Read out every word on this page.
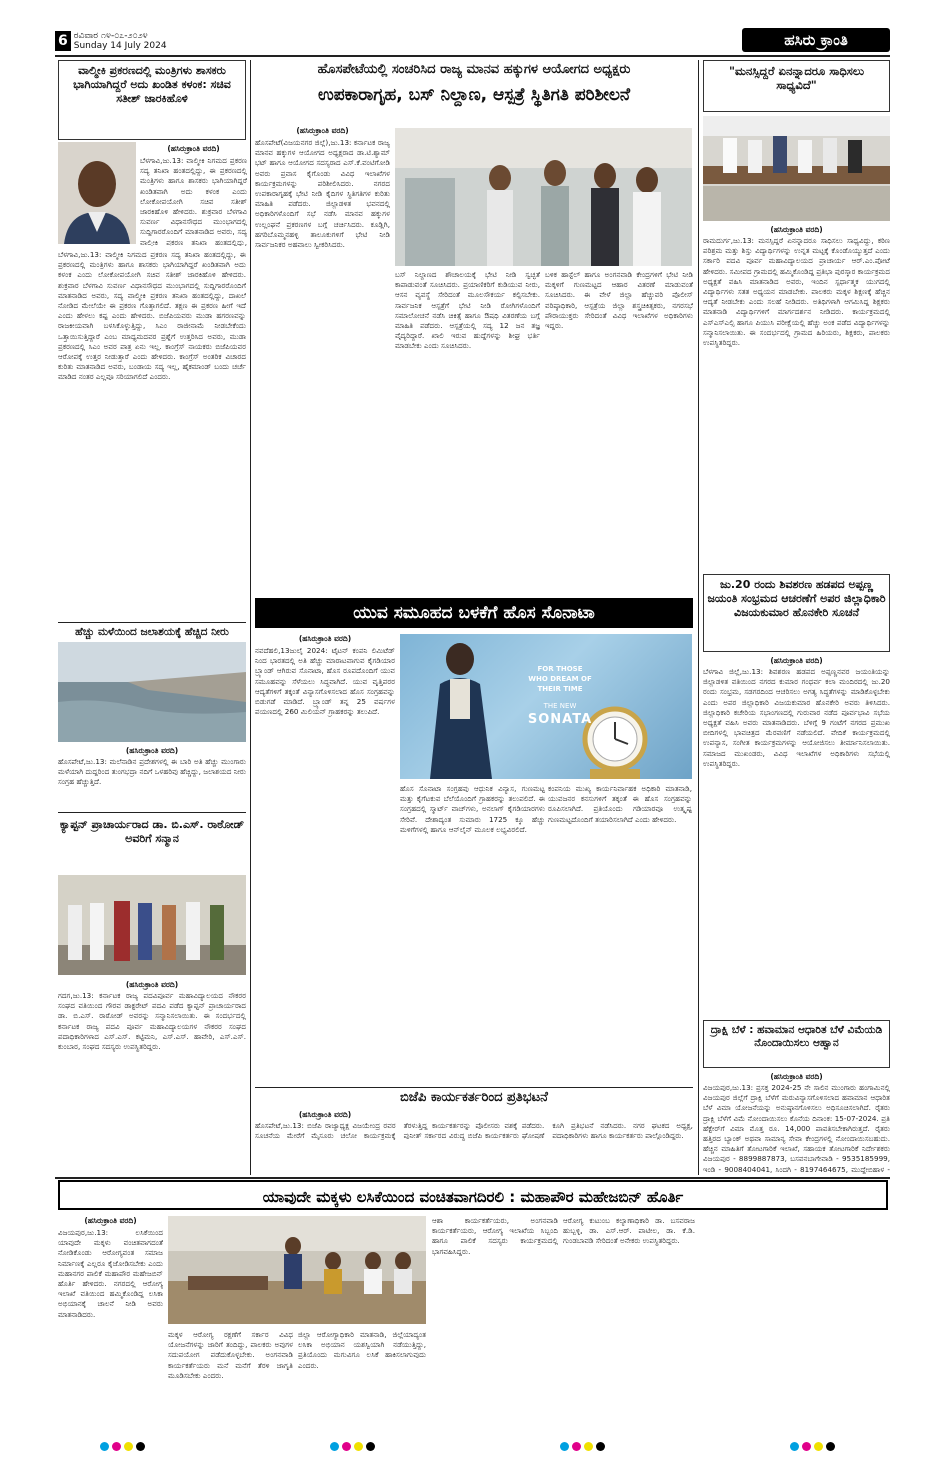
6 ರವಿವಾರ ೧೪-೦೭-೨೦೨೪
Sunday 14 July 2024	ಹಸಿರು ಕ್ರಾಂತಿ
ವಾಲ್ಮೀಕಿ ಪ್ರಕರಣದಲ್ಲಿ ಮಂತ್ರಿಗಳು ಶಾಸಕರು ಭಾಗಿಯಾಗಿದ್ದರೆ ಅದು ಖಂಡಿತ ಕಳಂಕ: ಸಚಿವ ಸತೀಶ್ ಜಾರಕಿಹೊಳಿ
(ಹಸಿರುಕ್ರಾಂತಿ ವರದಿ)
ಬೆಳಗಾವಿ,ಜು.13: ವಾಲ್ಮೀಕಿ ನಿಗಮದ ಪ್ರಕರಣ ಸದ್ಯ ತನಿಖಾ ಹಂತದಲ್ಲಿದ್ದು, ಈ ಪ್ರಕರಣದಲ್ಲಿ ಮಂತ್ರಿಗಳು ಹಾಗೂ ಶಾಸಕರು ಭಾಗಿಯಾಗಿದ್ದರೆ ಖಂಡಿತವಾಗಿ ಅದು ಕಳಂಕ ಎಂದು ಲೋಕೋಪಯೋಗಿ ಸಚಿವ ಸತೀಶ್ ಜಾರಕಿಹೊಳಿ ಹೇಳಿದರು. ಶುಕ್ರವಾರ ಬೆಳಗಾವಿ ಸುವರ್ಣ ವಿಧಾನಸೌಧದ ಮುಂಭಾಗದಲ್ಲಿ ಸುದ್ದಿಗಾರರೊಂದಿಗೆ ಮಾತನಾಡಿದ ಅವರು, ಸದ್ಯ ವಾಲ್ಮೀಕಿ ಪ್ರಕರಣ ತನಿಖಾ ಹಂತದಲ್ಲಿದ್ದು,
ಬೆಳಗಾವಿ,ಜು.13: ವಾಲ್ಮೀಕಿ ನಿಗಮದ ಪ್ರಕರಣ ಸದ್ಯ ತನಿಖಾ ಹಂತದಲ್ಲಿದ್ದು, ಈ ಪ್ರಕರಣದಲ್ಲಿ ಮಂತ್ರಿಗಳು ಹಾಗೂ ಶಾಸಕರು ಭಾಗಿಯಾಗಿದ್ದರೆ ಖಂಡಿತವಾಗಿ ಅದು ಕಳಂಕ ಎಂದು ಲೋಕೋಪಯೋಗಿ ಸಚಿವ ಸತೀಶ್ ಜಾರಕಿಹೊಳಿ ಹೇಳಿದರು. ಶುಕ್ರವಾರ ಬೆಳಗಾವಿ ಸುವರ್ಣ ವಿಧಾನಸೌಧದ ಮುಂಭಾಗದಲ್ಲಿ ಸುದ್ದಿಗಾರರೊಂದಿಗೆ ಮಾತನಾಡಿದ ಅವರು, ಸದ್ಯ ವಾಲ್ಮೀಕಿ ಪ್ರಕರಣ ತನಿಖಾ ಹಂತದಲ್ಲಿದ್ದು, ದಾಖಲೆ ನೋಡಿದ ಮೇಲೆಯೇ ಈ ಪ್ರಕರಣ ಗೊತ್ತಾಗಲಿದೆ. ತಕ್ಷಣ ಈ ಪ್ರಕರಣ ಹೀಗೆ ಇದೆ ಎಂದು ಹೇಳಲು ಕಷ್ಟ ಎಂದು ಹೇಳಿದರು. ಬಿಜೆಪಿಯವರು ಮುಡಾ ಹಗರಣವನ್ನು ರಾಜಕೀಯವಾಗಿ ಬಳಸಿಕೊಳ್ಳುತ್ತಿದ್ದು, ಸಿಎಂ ರಾಜೀನಾಮೆ ನೀಡಬೇಕೆಂದು ಒತ್ತಾಯಿಸುತ್ತಿದ್ದಾರೆ ಎಂಬ ಮಾಧ್ಯಮದವರ ಪ್ರಶ್ನೆಗೆ ಉತ್ತರಿಸಿದ ಅವರು, ಮುಡಾ ಪ್ರಕರಣದಲ್ಲಿ ಸಿಎಂ ಅವರ ಪಾತ್ರ ಏನು ಇಲ್ಲ. ಕಾಂಗ್ರೆಸ್ ನಾಯಕರು ಬಿಜೆಪಿಯವರ ಆರೋಪಕ್ಕೆ ಉತ್ತರ ನೀಡುತ್ತಾರೆ ಎಂದು ಹೇಳಿದರು. ಕಾಂಗ್ರೆಸ್ ಅಂತರಿಕ ವಿಚಾರದ ಕುರಿತು ಮಾತನಾಡಿದ ಅವರು, ಬಂಡಾಯ ಸದ್ಯ ಇಲ್ಲ, ಹೈಕಮಾಂಡ್ ಬಂದು ಚರ್ಚೆ ಮಾಡಿದ ನಂತರ ಎಲ್ಲವೂ ಸರಿಯಾಗಲಿದೆ ಎಂದರು.
ಹೆಚ್ಚು ಮಳೆಯಿಂದ ಜಲಾಶಯಕ್ಕೆ ಹೆಚ್ಚಿದ ನೀರು
(ಹಸಿರುಕ್ರಾಂತಿ ವರದಿ)
ಹೊಸಪೇಟೆ,ಜು.13: ಮಲೆನಾಡಿನ ಪ್ರದೇಶಗಳಲ್ಲಿ ಈ ಬಾರಿ ಅತಿ ಹೆಚ್ಚು ಮುಂಗಾರು ಮಳೆಯಾಗಿ ದುದ್ದರಿಂದ ತುಂಗಭದ್ರಾ ನದಿಗೆ ಒಳಹರಿವು ಹೆಚ್ಚಿದ್ದು, ಜಲಾಶಯದ ನೀರು ಸಂಗ್ರಹ ಹೆಚ್ಚುತ್ತಿದೆ.
ಕ್ಯಾಪ್ಟನ್ ಪ್ರಾಚಾರ್ಯರಾದ ಡಾ. ಬಿ.ಎಸ್. ರಾಠೋಡ್ ಅವರಿಗೆ ಸನ್ಮಾನ
(ಹಸಿರುಕ್ರಾಂತಿ ವರದಿ)
ಗದಗ,ಜು.13: ಕರ್ನಾಟಕ ರಾಜ್ಯ ಪದವಿಪೂರ್ವ ಮಹಾವಿದ್ಯಾಲಯದ ನೌಕರರ ಸಂಘದ ವತಿಯಿಂದ ಗೌರವ ಡಾಕ್ಟರೇಟ್ ಪದವಿ ಪಡೆದ ಕ್ಯಾಪ್ಟನ್ ಪ್ರಾಚಾರ್ಯರಾದ ಡಾ. ಬಿ.ಎಸ್. ರಾಠೋಡ್ ಅವರನ್ನು ಸನ್ಮಾನಿಸಲಾಯಿತು. ಈ ಸಂದರ್ಭದಲ್ಲಿ ಕರ್ನಾಟಕ ರಾಜ್ಯ ಪದವಿ ಪೂರ್ವ ಮಹಾವಿದ್ಯಾಲಯಗಳ ನೌಕರರ ಸಂಘದ ಪದಾಧಿಕಾರಿಗಳಾದ ಎಸ್.ಎಸ್. ಕಟ್ಟಿಮನಿ, ಎಸ್.ಎಸ್. ಹಾವೇರಿ, ಎಸ್.ಎಸ್. ಕುಂಬಾರ, ಸಂಘದ ಸದಸ್ಯರು ಉಪಸ್ಥಿತರಿದ್ದರು.
ಹೊಸಪೇಟೆಯಲ್ಲಿ ಸಂಚರಿಸಿದ ರಾಜ್ಯ ಮಾನವ ಹಕ್ಕುಗಳ ಆಯೋಗದ ಅಧ್ಯಕ್ಷರು
ಉಪಕಾರಾಗೃಹ, ಬಸ್ ನಿಲ್ದಾಣ, ಆಸ್ಪತ್ರೆ ಸ್ಥಿತಿಗತಿ ಪರಿಶೀಲನೆ
(ಹಸಿರುಕ್ರಾಂತಿ ವರದಿ)
ಹೊಸಪೇಟೆ(ವಿಜಯನಗರ ಜಿಲ್ಲೆ),ಜು.13: ಕರ್ನಾಟಕ ರಾಜ್ಯ ಮಾನವ ಹಕ್ಕುಗಳ ಆಯೋಗದ ಅಧ್ಯಕ್ಷರಾದ ಡಾ.ಟಿ.ಶ್ಯಾಮ್ ಭಟ್ ಹಾಗೂ ಆಯೋಗದ ಸದಸ್ಯರಾದ ಎಸ್.ಕೆ.ವಂಟಿಗೋಡಿ ಅವರು ಪ್ರವಾಸ ಕೈಗೊಂಡು ವಿವಿಧ ಇಲಾಖೆಗಳ ಕಾರ್ಯಕ್ರಮಗಳನ್ನು ಪರಿಶೀಲಿಸಿದರು. ನಗರದ ಉಪಕಾರಾಗೃಹಕ್ಕೆ ಭೇಟಿ ನೀಡಿ ಕೈದಿಗಳ ಸ್ಥಿತಿಗತಿಗಳ ಕುರಿತು ಮಾಹಿತಿ ಪಡೆದರು. ಜಿಲ್ಲಾಡಳಿತ ಭವನದಲ್ಲಿ ಅಧಿಕಾರಿಗಳೊಂದಿಗೆ ಸಭೆ ನಡೆಸಿ ಮಾನವ ಹಕ್ಕುಗಳ ಉಲ್ಲಂಘನೆ ಪ್ರಕರಣಗಳ ಬಗ್ಗೆ ಚರ್ಚಿಸಿದರು. ಕೂಡ್ಲಿಗಿ, ಹಗರಿಬೊಮ್ಮನಹಳ್ಳಿ ತಾಲೂಕುಗಳಿಗೆ ಭೇಟಿ ನೀಡಿ ಸಾರ್ವಜನಿಕರ ಅಹವಾಲು ಸ್ವೀಕರಿಸಿದರು.
ಬಸ್ ನಿಲ್ದಾಣದ ಶೌಚಾಲಯಕ್ಕೆ ಭೇಟಿ ನೀಡಿ ಸ್ವಚ್ಛತೆ ಕಾಪಾಡುವಂತೆ ಸೂಚಿಸಿದರು. ಪ್ರಯಾಣಿಕರಿಗೆ ಕುಡಿಯುವ ನೀರು, ಆಸನ ವ್ಯವಸ್ಥೆ ಸೇರಿದಂತೆ ಮೂಲಸೌಕರ್ಯ ಕಲ್ಪಿಸಬೇಕು. ಸಾರ್ವಜನಿಕ ಆಸ್ಪತ್ರೆಗೆ ಭೇಟಿ ನೀಡಿ ರೋಗಿಗಳೊಂದಿಗೆ ಸಮಾಲೋಚನೆ ನಡೆಸಿ ಚಿಕಿತ್ಸೆ ಹಾಗೂ ಔಷಧಿ ವಿತರಣೆಯ ಬಗ್ಗೆ ಮಾಹಿತಿ ಪಡೆದರು. ಆಸ್ಪತ್ರೆಯಲ್ಲಿ ಸದ್ಯ 12 ಜನ ತಜ್ಞ ವೈದ್ಯರಿದ್ದಾರೆ. ಖಾಲಿ ಇರುವ ಹುದ್ದೆಗಳನ್ನು ಶೀಘ್ರ ಭರ್ತಿ ಮಾಡಬೇಕು ಎಂದು ಸೂಚಿಸಿದರು.
ಬಳಿಕ ಹಾಸ್ಟೆಲ್ ಹಾಗೂ ಅಂಗನವಾಡಿ ಕೇಂದ್ರಗಳಿಗೆ ಭೇಟಿ ನೀಡಿ ಮಕ್ಕಳಿಗೆ ಗುಣಮಟ್ಟದ ಆಹಾರ ವಿತರಣೆ ಮಾಡುವಂತೆ ಸೂಚಿಸಿದರು. ಈ ವೇಳೆ ಜಿಲ್ಲಾ ಹೆಚ್ಚುವರಿ ಪೊಲೀಸ್ ವರಿಷ್ಠಾಧಿಕಾರಿ, ಆಸ್ಪತ್ರೆಯ ಜಿಲ್ಲಾ ಶಸ್ತ್ರಚಿಕಿತ್ಸಕರು, ನಗರಸಭೆ ಪೌರಾಯುಕ್ತರು ಸೇರಿದಂತೆ ವಿವಿಧ ಇಲಾಖೆಗಳ ಅಧಿಕಾರಿಗಳು ಇದ್ದರು.
ಯುವ ಸಮೂಹದ ಬಳಕೆಗೆ ಹೊಸ ಸೊನಾಟಾ
(ಹಸಿರುಕ್ರಾಂತಿ ವರದಿ)
ನವದೆಹಲಿ,13ಜುಲೈ 2024: ಟೈಟನ್ ಕಂಪನಿ ಲಿಮಿಟೆಡ್ ನಿಂದ ಭಾರತದಲ್ಲಿ ಅತಿ ಹೆಚ್ಚು ಮಾರಾಟವಾಗುವ ಕೈಗಡಿಯಾರ ಬ್ರ್ಯಾಂಡ್ ಆಗಿರುವ ಸೊನಾಟಾ, ಹೊಸ ರೂಪದೊಂದಿಗೆ ಯುವ ಸಮೂಹವನ್ನು ಸೆಳೆಯಲು ಸಿದ್ಧವಾಗಿದೆ. ಯುವ ವೃತ್ತಿಪರರ ಆದ್ಯತೆಗಳಿಗೆ ತಕ್ಕಂತೆ ವಿನ್ಯಾಸಗೊಳಿಸಲಾದ ಹೊಸ ಸಂಗ್ರಹವನ್ನು ಬಿಡುಗಡೆ ಮಾಡಿದೆ. ಬ್ರ್ಯಾಂಡ್ ತನ್ನ 25 ವರ್ಷಗಳ ಪಯಣದಲ್ಲಿ 260 ಮಿಲಿಯನ್ ಗ್ರಾಹಕರನ್ನು ತಲುಪಿದೆ.
FOR THOSE
WHO DREAM OF
THEIR TIME
THE NEW
SONATA
ಹೊಸ ಸೊನಾಟಾ ಸಂಗ್ರಹವು ಆಧುನಿಕ ವಿನ್ಯಾಸ, ಗುಣಮಟ್ಟ ಮತ್ತು ಕೈಗೆಟಕುವ ಬೆಲೆಯೊಂದಿಗೆ ಗ್ರಾಹಕರನ್ನು ತಲುಪಲಿದೆ. ಈ ಸಂಗ್ರಹದಲ್ಲಿ ಸ್ಮಾರ್ಟ್ ವಾಚ್‌ಗಳು, ಅನಲಾಗ್ ಕೈಗಡಿಯಾರಗಳು ಸೇರಿವೆ. ದೇಶಾದ್ಯಂತ ಸುಮಾರು 1725 ಕ್ಕೂ ಹೆಚ್ಚು ಮಳಿಗೆಗಳಲ್ಲಿ ಹಾಗೂ ಆನ್‌ಲೈನ್ ಮೂಲಕ ಲಭ್ಯವಿರಲಿದೆ.
ಕಂಪನಿಯ ಮುಖ್ಯ ಕಾರ್ಯನಿರ್ವಾಹಕ ಅಧಿಕಾರಿ ಮಾತನಾಡಿ, ಯುವಜನರ ಕನಸುಗಳಿಗೆ ತಕ್ಕಂತೆ ಈ ಹೊಸ ಸಂಗ್ರಹವನ್ನು ರೂಪಿಸಲಾಗಿದೆ. ಪ್ರತಿಯೊಂದು ಗಡಿಯಾರವೂ ಉತ್ಕೃಷ್ಟ ಗುಣಮಟ್ಟದೊಂದಿಗೆ ತಯಾರಿಸಲಾಗಿದೆ ಎಂದು ಹೇಳಿದರು.
ಬಿಜೆಪಿ ಕಾರ್ಯಕರ್ತರಿಂದ ಪ್ರತಿಭಟನೆ
(ಹಸಿರುಕ್ರಾಂತಿ ವರದಿ)
ಹೊಸಪೇಟೆ,ಜು.13: ಬಿಜೆಪಿ ರಾಜ್ಯಾಧ್ಯಕ್ಷ ವಿಜಯೇಂದ್ರ ರವರ ಸೂಚನೆಯ ಮೇರೆಗೆ ಮೈಸೂರು ಚಲೋ ಕಾರ್ಯಕ್ರಮಕ್ಕೆ ತೆರಳುತ್ತಿದ್ದ ಕಾರ್ಯಕರ್ತರನ್ನು ಪೊಲೀಸರು ವಶಕ್ಕೆ ಪಡೆದರು. ಪುನೀತ್ ಸರ್ಕಾರದ ವಿರುದ್ಧ ಬಿಜೆಪಿ ಕಾರ್ಯಕರ್ತರು ಘೋಷಣೆ ಕೂಗಿ ಪ್ರತಿಭಟನೆ ನಡೆಸಿದರು. ನಗರ ಘಟಕದ ಅಧ್ಯಕ್ಷ, ಪದಾಧಿಕಾರಿಗಳು ಹಾಗೂ ಕಾರ್ಯಕರ್ತರು ಪಾಲ್ಗೊಂಡಿದ್ದರು.
"ಮನಸ್ಸಿದ್ದರೆ ಏನನ್ನಾದರೂ ಸಾಧಿಸಲು ಸಾಧ್ಯವಿದೆ"
(ಹಸಿರುಕ್ರಾಂತಿ ವರದಿ)
ರಾಮದುರ್ಗ,ಜು.13: ಮನಸ್ಸಿದ್ದರೆ ಏನನ್ನಾದರೂ ಸಾಧಿಸಲು ಸಾಧ್ಯವಿದ್ದು, ಕಠಿಣ ಪರಿಶ್ರಮ ಮತ್ತು ಶಿಸ್ತು ವಿದ್ಯಾರ್ಥಿಗಳನ್ನು ಉನ್ನತ ಮಟ್ಟಕ್ಕೆ ಕೊಂಡೊಯ್ಯುತ್ತದೆ ಎಂದು ಸರ್ಕಾರಿ ಪದವಿ ಪೂರ್ವ ಮಹಾವಿದ್ಯಾಲಯದ ಪ್ರಾಚಾರ್ಯ ಆರ್.ಎಂ.ಪೋಟೆ ಹೇಳಿದರು. ಸಮೀಪದ ಗ್ರಾಮದಲ್ಲಿ ಹಮ್ಮಿಕೊಂಡಿದ್ದ ಪ್ರತಿಭಾ ಪುರಸ್ಕಾರ ಕಾರ್ಯಕ್ರಮದ ಅಧ್ಯಕ್ಷತೆ ವಹಿಸಿ ಮಾತನಾಡಿದ ಅವರು, ಇಂದಿನ ಸ್ಪರ್ಧಾತ್ಮಕ ಯುಗದಲ್ಲಿ ವಿದ್ಯಾರ್ಥಿಗಳು ಸತತ ಅಧ್ಯಯನ ಮಾಡಬೇಕು. ಪಾಲಕರು ಮಕ್ಕಳ ಶಿಕ್ಷಣಕ್ಕೆ ಹೆಚ್ಚಿನ ಆದ್ಯತೆ ನೀಡಬೇಕು ಎಂದು ಸಲಹೆ ನೀಡಿದರು. ಅತಿಥಿಗಳಾಗಿ ಆಗಮಿಸಿದ್ದ ಶಿಕ್ಷಕರು ಮಾತನಾಡಿ ವಿದ್ಯಾರ್ಥಿಗಳಿಗೆ ಮಾರ್ಗದರ್ಶನ ನೀಡಿದರು. ಕಾರ್ಯಕ್ರಮದಲ್ಲಿ ಎಸ್ಎಸ್ಎಲ್ಸಿ ಹಾಗೂ ಪಿಯುಸಿ ಪರೀಕ್ಷೆಯಲ್ಲಿ ಹೆಚ್ಚು ಅಂಕ ಪಡೆದ ವಿದ್ಯಾರ್ಥಿಗಳನ್ನು ಸನ್ಮಾನಿಸಲಾಯಿತು. ಈ ಸಂದರ್ಭದಲ್ಲಿ ಗ್ರಾಮದ ಹಿರಿಯರು, ಶಿಕ್ಷಕರು, ಪಾಲಕರು ಉಪಸ್ಥಿತರಿದ್ದರು.
ಜು.20 ರಂದು ಶಿವಶರಣ ಹಡಪದ ಅಪ್ಪಣ್ಣ ಜಯಂತಿ ಸಂಭ್ರಮದ ಆಚರಣೆಗೆ ಅಪರ ಜಿಲ್ಲಾಧಿಕಾರಿ ವಿಜಯಕುಮಾರ ಹೊನಕೇರಿ ಸೂಚನೆ
(ಹಸಿರುಕ್ರಾಂತಿ ವರದಿ)
ಬೆಳಗಾವಿ ಜಿಲ್ಲೆ,ಜು.13: ಶಿವಶರಣ ಹಡಪದ ಅಪ್ಪಣ್ಣನವರ ಜಯಂತಿಯನ್ನು ಜಿಲ್ಲಾಡಳಿತ ವತಿಯಿಂದ ನಗರದ ಕುಮಾರ ಗಂಧರ್ವ ಕಲಾ ಮಂದಿರದಲ್ಲಿ ಜು.20 ರಂದು ಸಂಭ್ರಮ, ಸಡಗರದಿಂದ ಆಚರಿಸಲು ಅಗತ್ಯ ಸಿದ್ಧತೆಗಳನ್ನು ಮಾಡಿಕೊಳ್ಳಬೇಕು ಎಂದು ಅಪರ ಜಿಲ್ಲಾಧಿಕಾರಿ ವಿಜಯಕುಮಾರ ಹೊನಕೇರಿ ಅವರು ತಿಳಿಸಿದರು. ಜಿಲ್ಲಾಧಿಕಾರಿ ಕಚೇರಿಯ ಸಭಾಂಗಣದಲ್ಲಿ ಗುರುವಾರ ನಡೆದ ಪೂರ್ವಭಾವಿ ಸಭೆಯ ಅಧ್ಯಕ್ಷತೆ ವಹಿಸಿ ಅವರು ಮಾತನಾಡಿದರು. ಬೆಳಿಗ್ಗೆ 9 ಗಂಟೆಗೆ ನಗರದ ಪ್ರಮುಖ ಬೀದಿಗಳಲ್ಲಿ ಭಾವಚಿತ್ರದ ಮೆರವಣಿಗೆ ನಡೆಯಲಿದೆ. ವೇದಿಕೆ ಕಾರ್ಯಕ್ರಮದಲ್ಲಿ ಉಪನ್ಯಾಸ, ಸಂಗೀತ ಕಾರ್ಯಕ್ರಮಗಳನ್ನು ಆಯೋಜಿಸಲು ತೀರ್ಮಾನಿಸಲಾಯಿತು. ಸಮಾಜದ ಮುಖಂಡರು, ವಿವಿಧ ಇಲಾಖೆಗಳ ಅಧಿಕಾರಿಗಳು ಸಭೆಯಲ್ಲಿ ಉಪಸ್ಥಿತರಿದ್ದರು.
ದ್ರಾಕ್ಷಿ ಬೆಳೆ : ಹವಾಮಾನ ಆಧಾರಿತ ಬೆಳೆ ವಿಮೆಯಡಿ ನೊಂದಾಯಿಸಲು ಆಹ್ವಾನ
(ಹಸಿರುಕ್ರಾಂತಿ ವರದಿ)
ವಿಜಯಪುರ,ಜು.13: ಪ್ರಸಕ್ತ 2024-25 ನೇ ಸಾಲಿನ ಮುಂಗಾರು ಹಂಗಾಮಿನಲ್ಲಿ ವಿಜಯಪುರ ಜಿಲ್ಲೆಗೆ ದ್ರಾಕ್ಷಿ ಬೆಳೆಗೆ ಮರುವಿನ್ಯಾಸಗೊಳಿಸಲಾದ ಹವಾಮಾನ ಆಧಾರಿತ ಬೆಳೆ ವಿಮಾ ಯೋಜನೆಯನ್ನು ಅನುಷ್ಠಾನಗೊಳಿಸಲು ಅಧಿಸೂಚಿಸಲಾಗಿದೆ. ರೈತರು ದ್ರಾಕ್ಷಿ ಬೆಳೆಗೆ ವಿಮೆ ನೋಂದಾಯಿಸಲು ಕೊನೆಯ ದಿನಾಂಕ: 15-07-2024. ಪ್ರತಿ ಹೆಕ್ಟೇರ್‌ಗೆ ವಿಮಾ ಮೊತ್ತ ರೂ. 14,000 ಪಾವತಿಸಬೇಕಾಗಿರುತ್ತದೆ. ರೈತರು ಹತ್ತಿರದ ಬ್ಯಾಂಕ್ ಅಥವಾ ಸಾಮಾನ್ಯ ಸೇವಾ ಕೇಂದ್ರಗಳಲ್ಲಿ ನೋಂದಾಯಿಸಬಹುದು. ಹೆಚ್ಚಿನ ಮಾಹಿತಿಗೆ ತೋಟಗಾರಿಕೆ ಇಲಾಖೆ, ಸಹಾಯಕ ತೋಟಗಾರಿಕೆ ನಿರ್ದೇಶಕರು ವಿಜಯಪುರ - 8899887873, ಬಸವನಬಾಗೇವಾಡಿ - 9535185999, ಇಂಡಿ - 9008404041, ಸಿಂದಗಿ - 8197464675, ಮುದ್ದೇಬಿಹಾಳ -
ಯಾವುದೇ ಮಕ್ಕಳು ಲಸಿಕೆಯಿಂದ ವಂಚಿತವಾಗದಿರಲಿ : ಮಹಾಪೌರ ಮಹೇಜಬಿನ್ ಹೊರ್ತಿ
(ಹಸಿರುಕ್ರಾಂತಿ ವರದಿ)
ವಿಜಯಪುರ,ಜು.13: ಲಸಿಕೆಯಿಂದ ಯಾವುದೇ ಮಕ್ಕಳು ವಂಚಿತವಾಗದಂತೆ ನೋಡಿಕೊಂಡು ಆರೋಗ್ಯವಂತ ಸಮಾಜ ನಿರ್ಮಾಣಕ್ಕೆ ಎಲ್ಲರೂ ಕೈಜೋಡಿಸಬೇಕು ಎಂದು ಮಹಾನಗರ ಪಾಲಿಕೆ ಮಹಾಪೌರ ಮಹೇಜಬಿನ್ ಹೊರ್ತಿ ಹೇಳಿದರು. ನಗರದಲ್ಲಿ ಆರೋಗ್ಯ ಇಲಾಖೆ ವತಿಯಿಂದ ಹಮ್ಮಿಕೊಂಡಿದ್ದ ಲಸಿಕಾ ಅಭಿಯಾನಕ್ಕೆ ಚಾಲನೆ ನೀಡಿ ಅವರು ಮಾತನಾಡಿದರು.
ಮಕ್ಕಳ ಆರೋಗ್ಯ ರಕ್ಷಣೆಗೆ ಸರ್ಕಾರ ವಿವಿಧ ಯೋಜನೆಗಳನ್ನು ಜಾರಿಗೆ ತಂದಿದ್ದು, ಪಾಲಕರು ಅವುಗಳ ಸದುಪಯೋಗ ಪಡೆದುಕೊಳ್ಳಬೇಕು. ಅಂಗನವಾಡಿ ಕಾರ್ಯಕರ್ತೆಯರು ಮನೆ ಮನೆಗೆ ತೆರಳಿ ಜಾಗೃತಿ ಮೂಡಿಸಬೇಕು ಎಂದರು.
ಜಿಲ್ಲಾ ಆರೋಗ್ಯಾಧಿಕಾರಿ ಮಾತನಾಡಿ, ಜಿಲ್ಲೆಯಾದ್ಯಂತ ಲಸಿಕಾ ಅಭಿಯಾನ ಯಶಸ್ವಿಯಾಗಿ ನಡೆಯುತ್ತಿದ್ದು, ಪ್ರತಿಯೊಂದು ಮಗುವಿಗೂ ಲಸಿಕೆ ಹಾಕಿಸಲಾಗುವುದು ಎಂದರು.
ಆಶಾ ಕಾರ್ಯಕರ್ತೆಯರು, ಅಂಗನವಾಡಿ ಕಾರ್ಯಕರ್ತೆಯರು, ಆರೋಗ್ಯ ಇಲಾಖೆಯ ಸಿಬ್ಬಂದಿ ಹಾಗೂ ಪಾಲಿಕೆ ಸದಸ್ಯರು ಕಾರ್ಯಕ್ರಮದಲ್ಲಿ ಭಾಗವಹಿಸಿದ್ದರು.
ಆರೋಗ್ಯ ಕುಟುಂಬ ಕಲ್ಯಾಣಾಧಿಕಾರಿ ಡಾ. ಬಸವರಾಜ ಹುಬ್ಬಳ್ಳಿ, ಡಾ. ಎಸ್.ಆರ್. ಪಾಟೀಲ, ಡಾ. ಕೆ.ಡಿ. ಗುಂಡಬಾವಡಿ ಸೇರಿದಂತೆ ಅನೇಕರು ಉಪಸ್ಥಿತರಿದ್ದರು.
